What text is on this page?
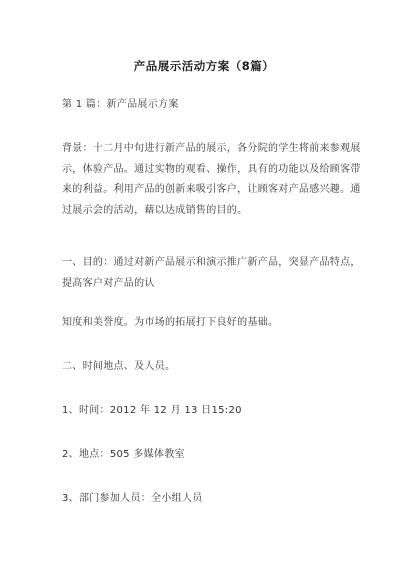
产品展示活动方案（8篇）
第 1 篇：新产品展示方案
背景：十二月中旬进行新产品的展示，各分院的学生将前来参观展
示，体验产品。通过实物的观看、操作，具有的功能以及给顾客带
来的利益。利用产品的创新来吸引客户，让顾客对产品感兴趣。通
过展示会的活动，藉以达成销售的目的。
一、目的：通过对新产品展示和演示推广新产品，突显产品特点，
提高客户对产品的认
知度和美誉度。为市场的拓展打下良好的基础。
二、时间地点、及人员。
1、时间：2012 年 12 月 13 日15:20
2、地点：505 多媒体教室
3、部门参加人员：全小组人员
